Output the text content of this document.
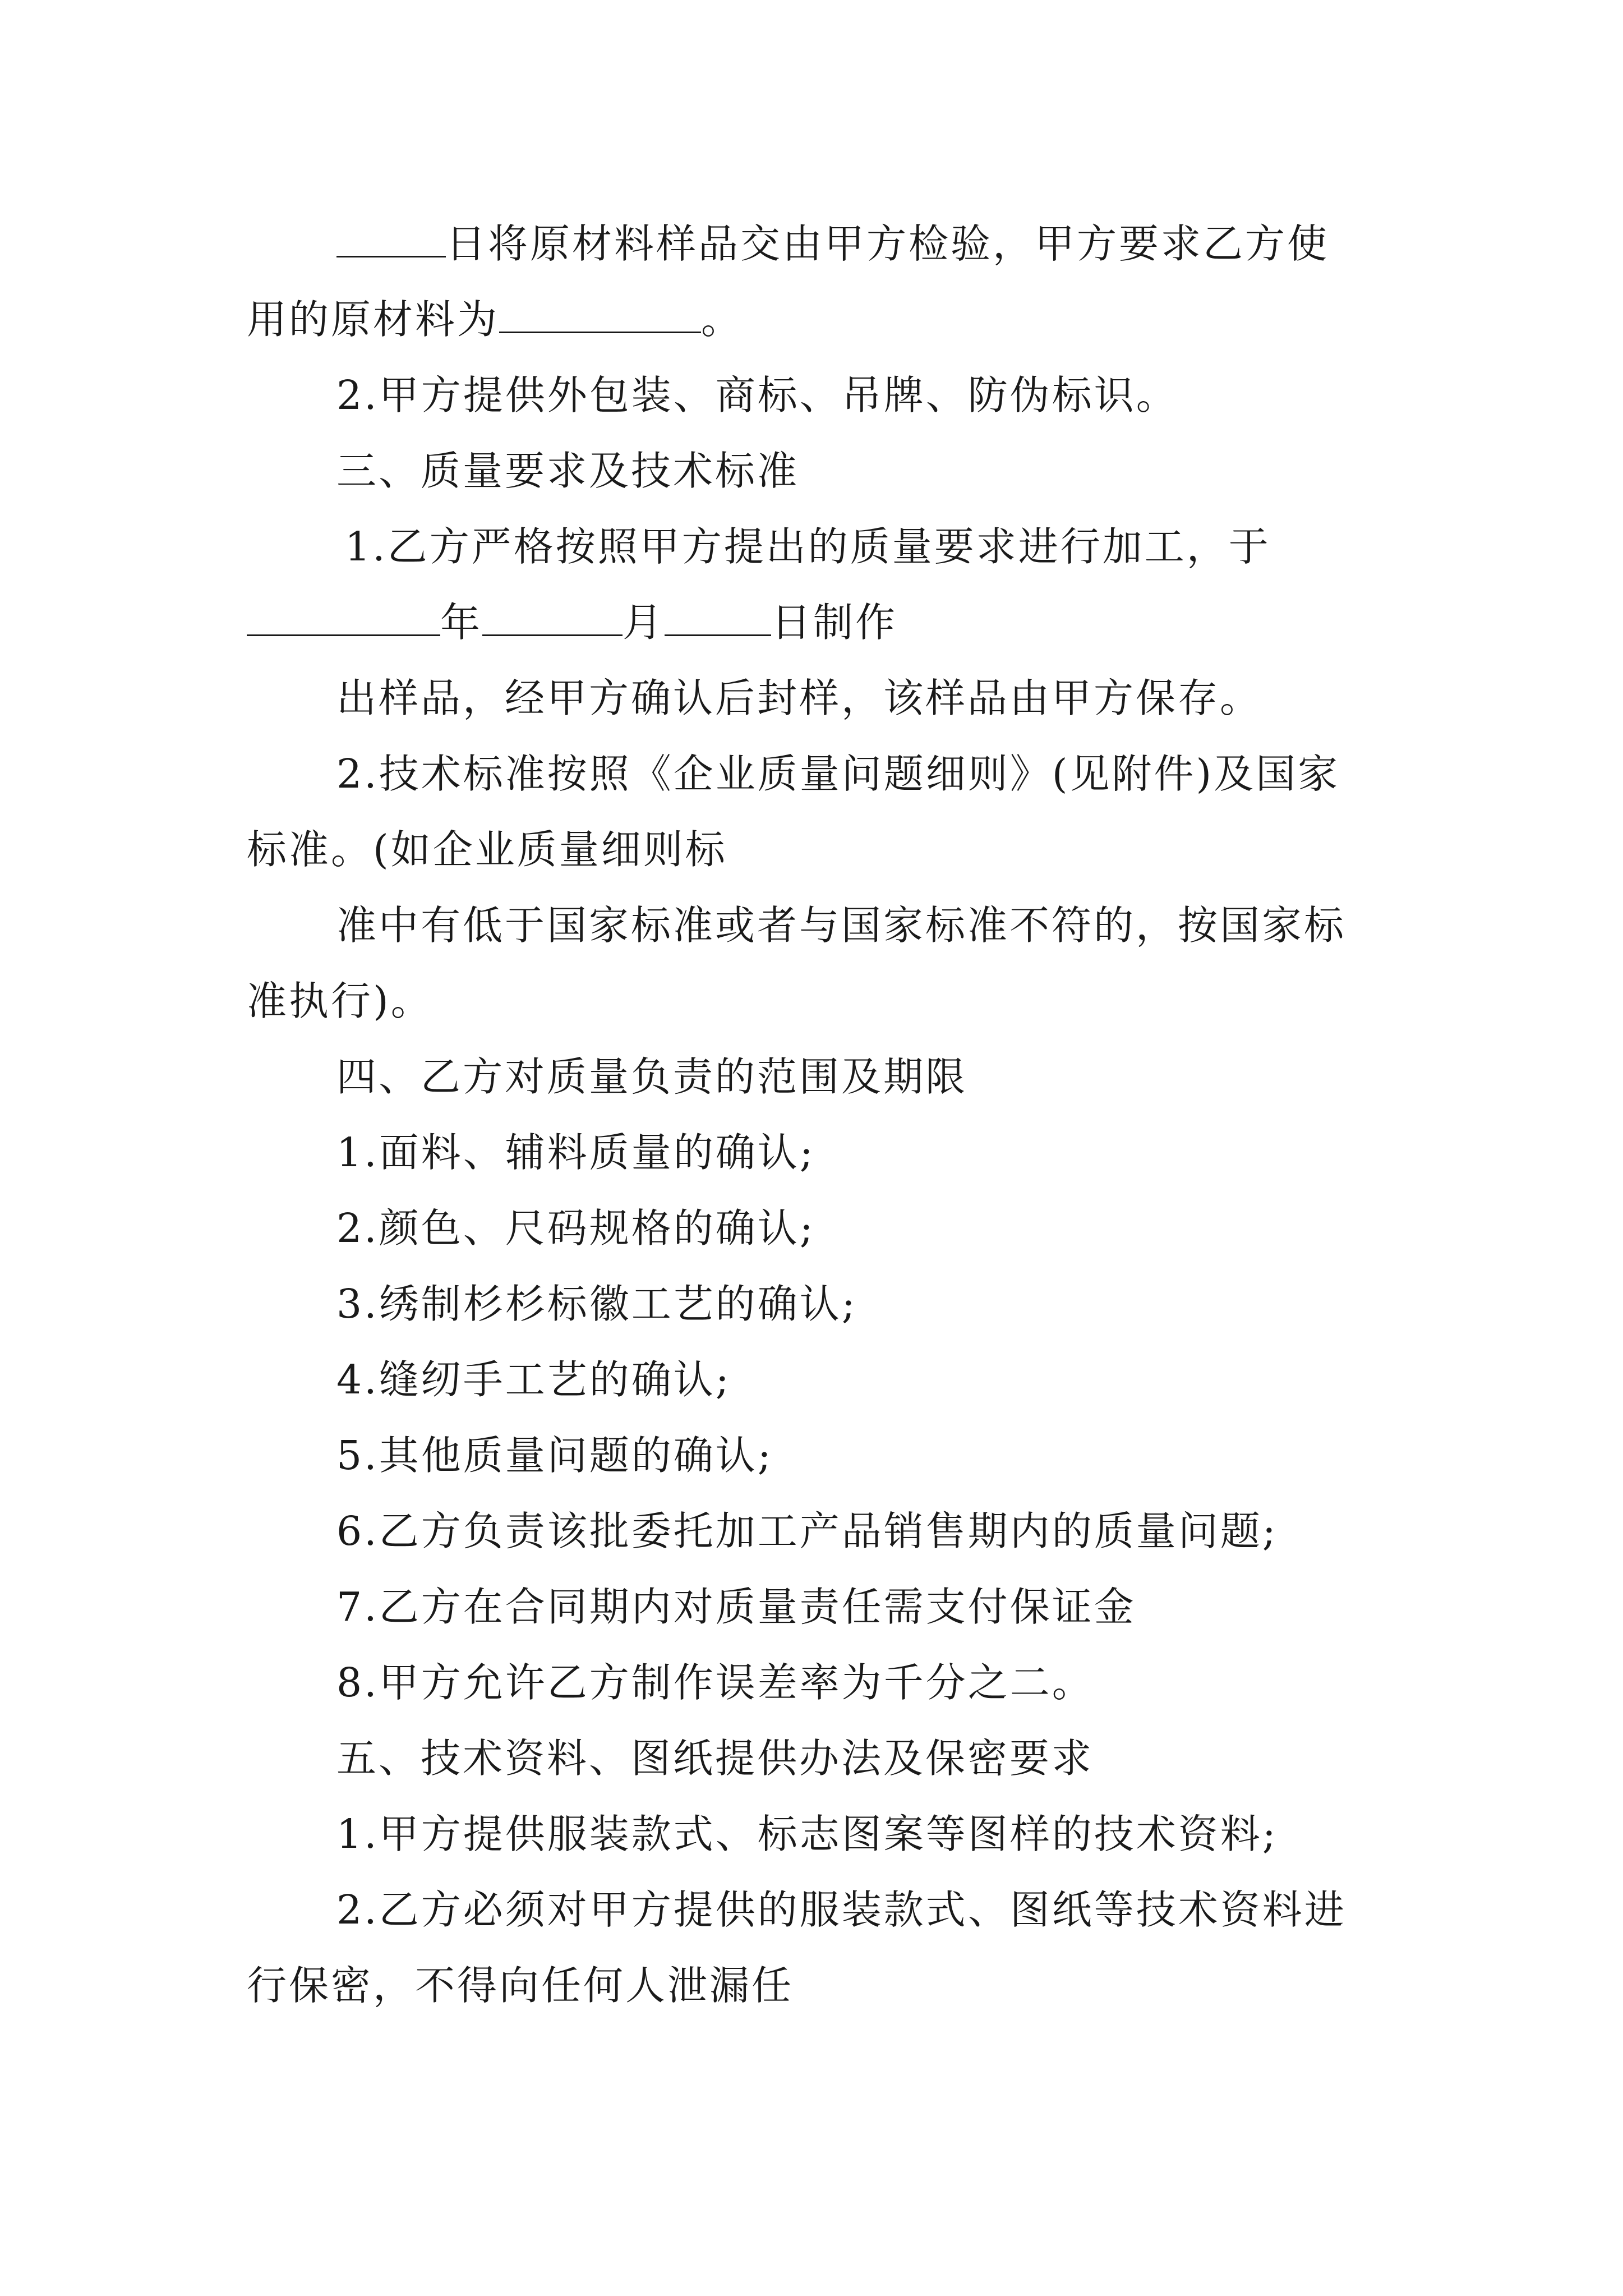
日将原材料样品交由甲方检验，甲方要求乙方使
用的原材料为	。
2.甲方提供外包装、商标、吊牌、防伪标识。
三、质量要求及技术标准
1.乙方严格按照甲方提出的质量要求进行加工，于
年	月	日制作
出样品，经甲方确认后封样，该样品由甲方保存。
2.技术标准按照《企业质量问题细则》(见附件)及国家
标准。(如企业质量细则标
准中有低于国家标准或者与国家标准不符的，按国家标
准执行)。
四、乙方对质量负责的范围及期限
1.面料、辅料质量的确认;
2.颜色、尺码规格的确认;
3.绣制杉杉标徽工艺的确认;
4.缝纫手工艺的确认;
5.其他质量问题的确认;
6.乙方负责该批委托加工产品销售期内的质量问题;
7.乙方在合同期内对质量责任需支付保证金
8.甲方允许乙方制作误差率为千分之二。
五、技术资料、图纸提供办法及保密要求
1.甲方提供服装款式、标志图案等图样的技术资料;
2.乙方必须对甲方提供的服装款式、图纸等技术资料进
行保密，不得向任何人泄漏任
